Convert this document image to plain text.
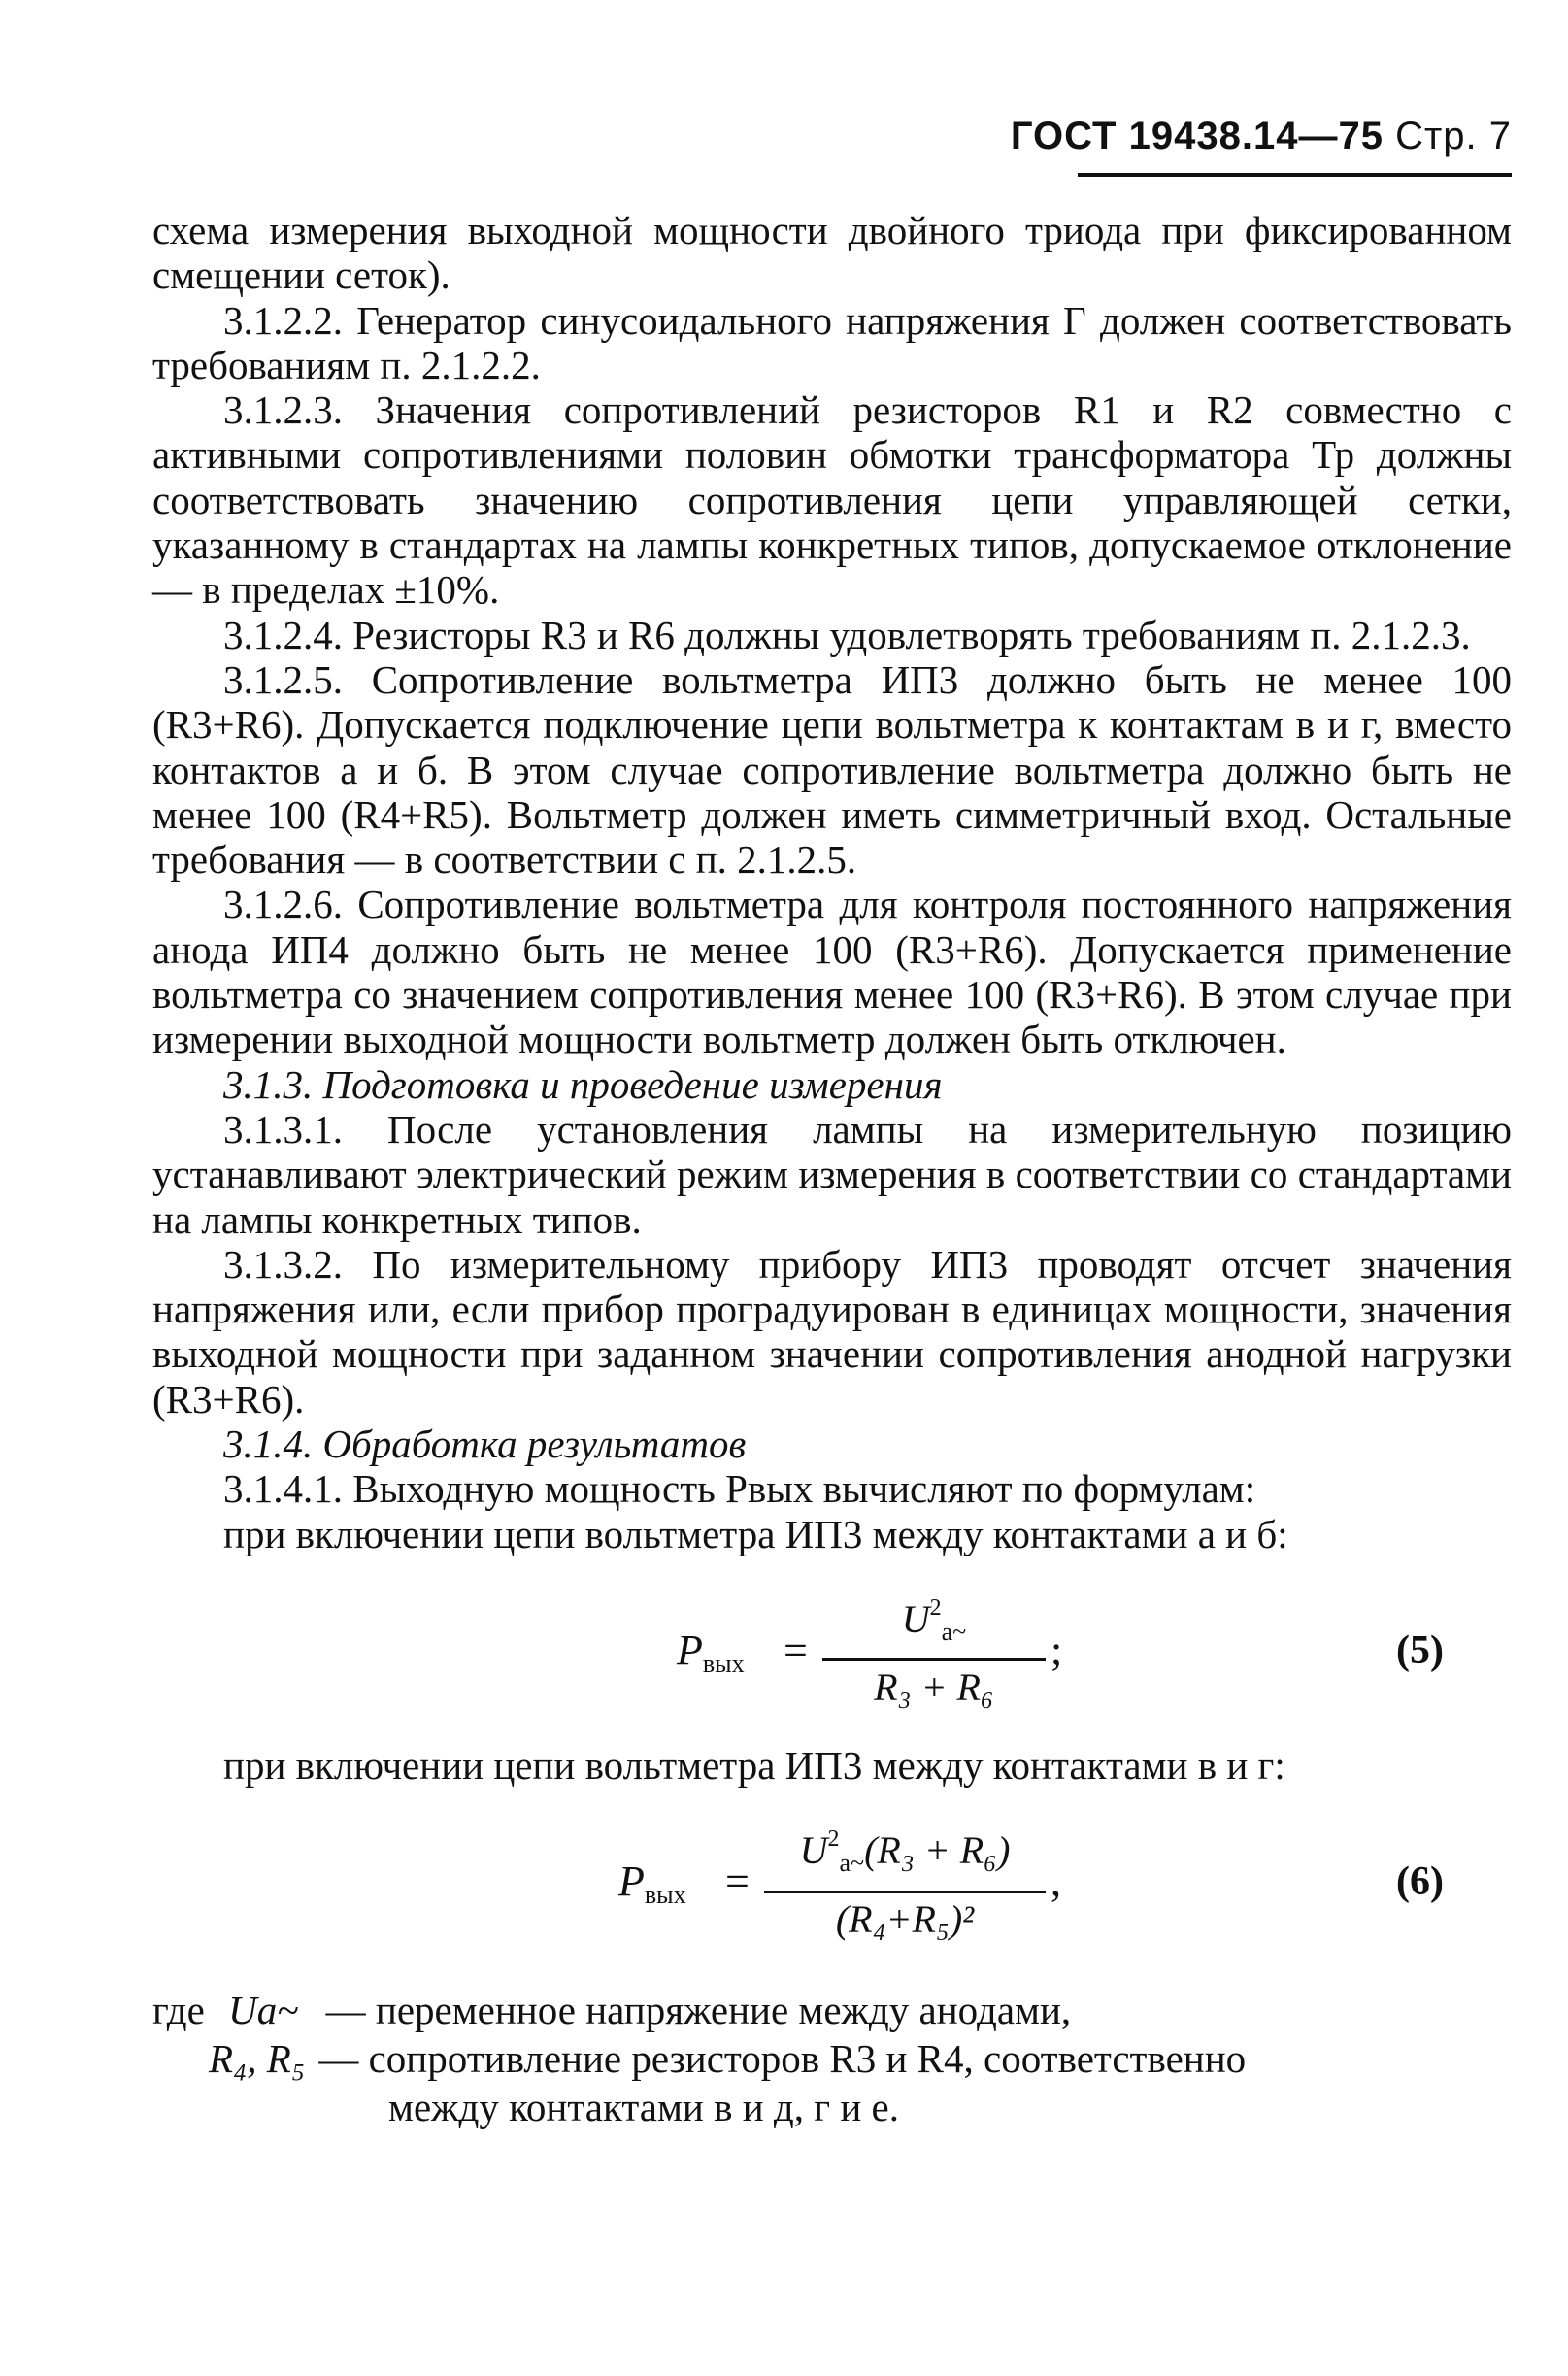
ГОСТ 19438.14—75 Стр. 7

схема измерения выходной мощности двойного триода при фиксированном смещении сеток).

3.1.2.2. Генератор синусоидального напряжения Г должен соответствовать требованиям п. 2.1.2.2.

3.1.2.3. Значения сопротивлений резисторов R1 и R2 совместно с активными сопротивлениями половин обмотки трансформатора Тр должны соответствовать значению сопротивления цепи управляющей сетки, указанному в стандартах на лампы конкретных типов, допускаемое отклонение — в пределах ±10%.

3.1.2.4. Резисторы R3 и R6 должны удовлетворять требованиям п. 2.1.2.3.

3.1.2.5. Сопротивление вольтметра ИП3 должно быть не менее 100 (R3+R6). Допускается подключение цепи вольтметра к контактам в и г, вместо контактов а и б. В этом случае сопротивление вольтметра должно быть не менее 100 (R4+R5). Вольтметр должен иметь симметричный вход. Остальные требования — в соответствии с п. 2.1.2.5.

3.1.2.6. Сопротивление вольтметра для контроля постоянного напряжения анода ИП4 должно быть не менее 100 (R3+R6). Допускается применение вольтметра со значением сопротивления менее 100 (R3+R6). В этом случае при измерении выходной мощности вольтметр должен быть отключен.

3.1.3. Подготовка и проведение измерения

3.1.3.1. После установления лампы на измерительную позицию устанавливают электрический режим измерения в соответствии со стандартами на лампы конкретных типов.

3.1.3.2. По измерительному прибору ИП3 проводят отсчет значения напряжения или, если прибор проградуирован в единицах мощности, значения выходной мощности при заданном значении сопротивления анодной нагрузки (R3+R6).

3.1.4. Обработка результатов

3.1.4.1. Выходную мощность Pвых вычисляют по формулам:

при включении цепи вольтметра ИП3 между контактами а и б:

$P_{вых}$ =
$U^2_{а\sim}$
R₃ + R₆
;	(5)

при включении цепи вольтметра ИП3 между контактами в и г:

$P_{вых}$ =
$U^2_{а\sim}(R_3 + R_6)$
(R₄+R₅)²
,	(6)
где Uа~ — переменное напряжение между анодами,
R₄, R₅ — сопротивление резисторов R3 и R4, соответственно
между контактами в и д, г и е.
